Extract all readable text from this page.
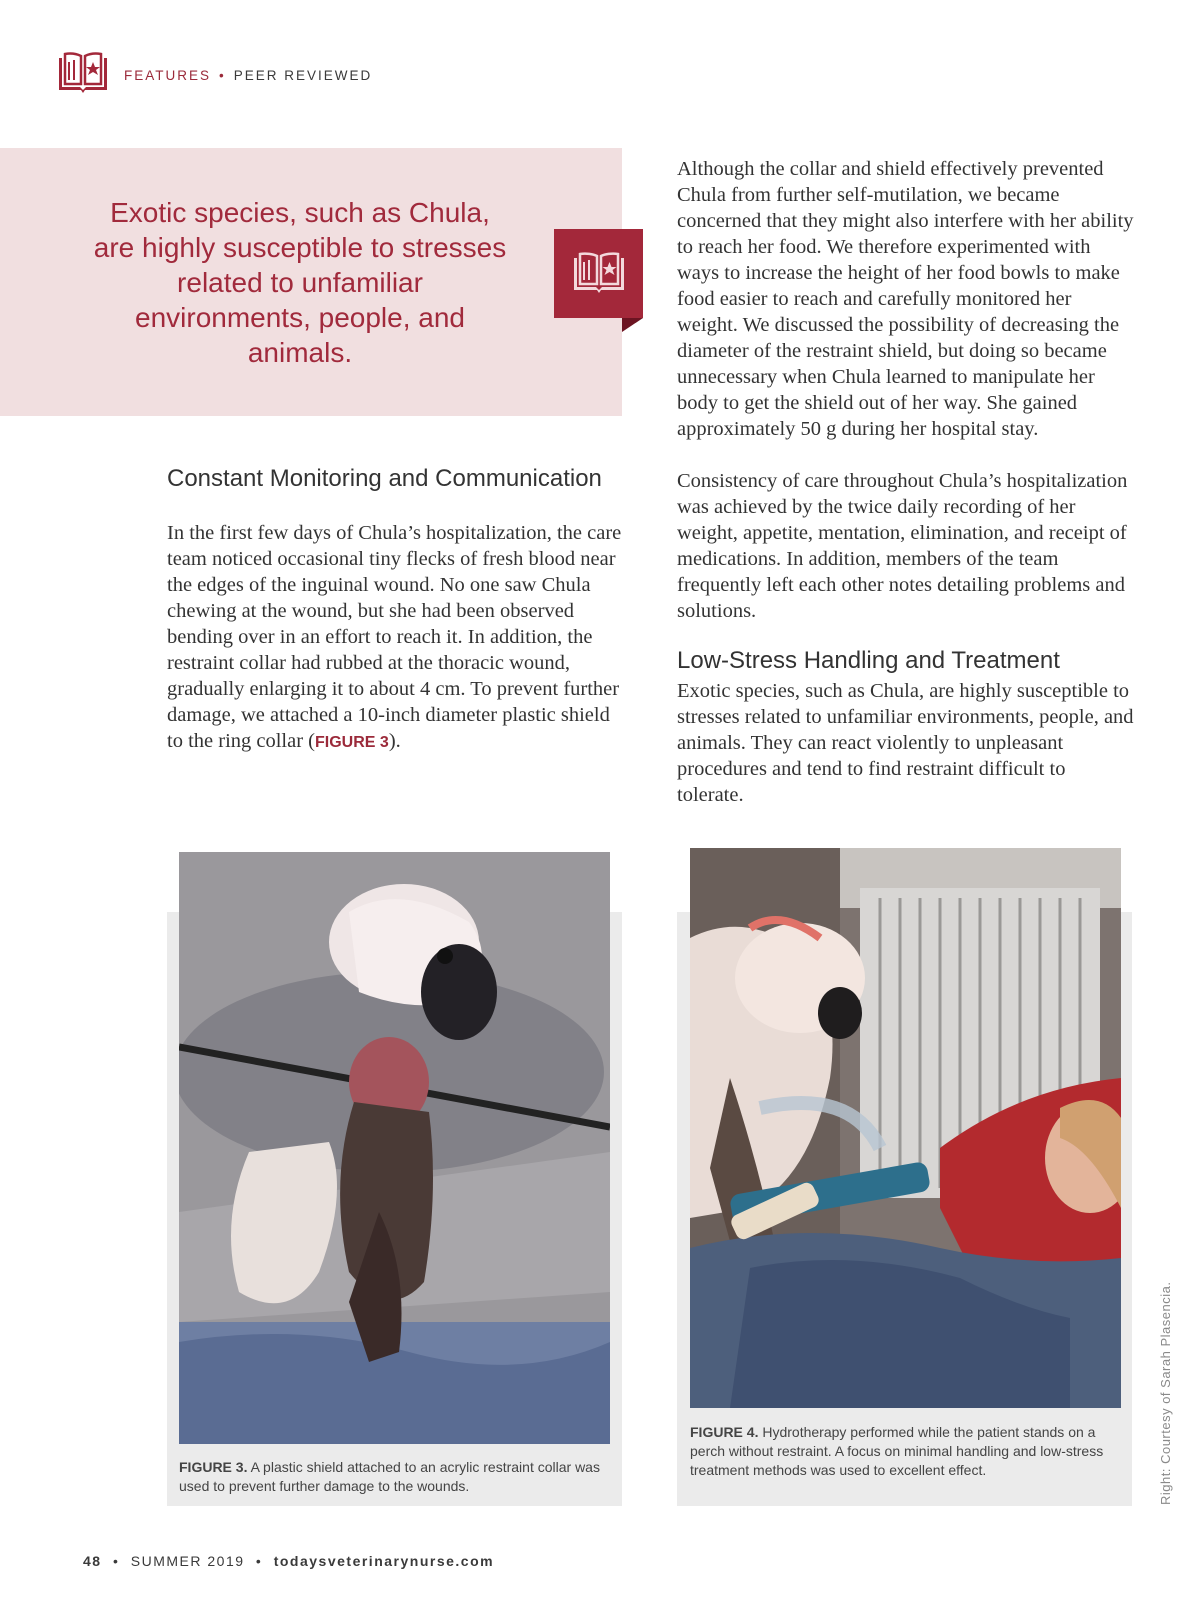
FEATURES • PEER REVIEWED
Exotic species, such as Chula, are highly susceptible to stresses related to unfamiliar environments, people, and animals.
Although the collar and shield effectively prevented Chula from further self-mutilation, we became concerned that they might also interfere with her ability to reach her food. We therefore experimented with ways to increase the height of her food bowls to make food easier to reach and carefully monitored her weight. We discussed the possibility of decreasing the diameter of the restraint shield, but doing so became unnecessary when Chula learned to manipulate her body to get the shield out of her way. She gained approximately 50 g during her hospital stay.
Consistency of care throughout Chula’s hospitalization was achieved by the twice daily recording of her weight, appetite, mentation, elimination, and receipt of medications. In addition, members of the team frequently left each other notes detailing problems and solutions.
Low-Stress Handling and Treatment
Exotic species, such as Chula, are highly susceptible to stresses related to unfamiliar environments, people, and animals. They can react violently to unpleasant procedures and tend to find restraint difficult to tolerate.
Constant Monitoring and Communication
In the first few days of Chula’s hospitalization, the care team noticed occasional tiny flecks of fresh blood near the edges of the inguinal wound. No one saw Chula chewing at the wound, but she had been observed bending over in an effort to reach it. In addition, the restraint collar had rubbed at the thoracic wound, gradually enlarging it to about 4 cm. To prevent further damage, we attached a 10-inch diameter plastic shield to the ring collar (FIGURE 3).
FIGURE 3. A plastic shield attached to an acrylic restraint collar was used to prevent further damage to the wounds.
FIGURE 4. Hydrotherapy performed while the patient stands on a perch without restraint. A focus on minimal handling and low-stress treatment methods was used to excellent effect.	Right: Courtesy of Sarah Plasencia.
48 • SUMMER 2019 • todaysveterinarynurse.com
